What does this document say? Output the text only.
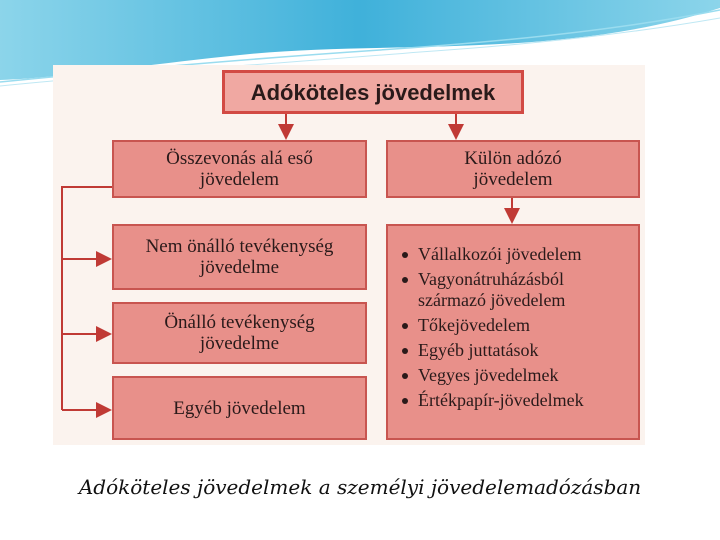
Adóköteles jövedelmek
Összevonás alá eső
jövedelem
Külön adózó
jövedelem
Nem önálló tevékenység
jövedelme
Önálló tevékenység
jövedelme
Egyéb jövedelem
Vállalkozói jövedelem
Vagyonátruházásból
származó jövedelem
Tőkejövedelem
Egyéb juttatások
Vegyes jövedelmek
Értékpapír-jövedelmek
Adóköteles jövedelmek a személyi jövedelemadózásban
